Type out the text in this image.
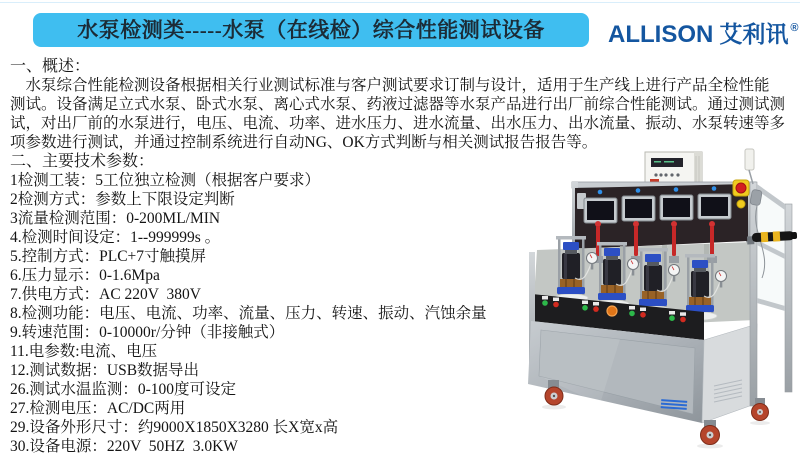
水泵检测类-----水泵（在线检）综合性能测试设备	ALLISON 艾利讯 ®
一、概述：
水泵综合性能检测设备根据相关行业测试标准与客户测试要求订制与设计，适用于生产线上进行产品全检性能
测试。设备满足立式水泵、卧式水泵、离心式水泵、药液过滤器等水泵产品进行出厂前综合性能测试。通过测试测
试，对出厂前的水泵进行，电压、电流、功率、进水压力、进水流量、出水压力、出水流量、振动、水泵转速等多
项参数进行测试，并通过控制系统进行自动NG、OK方式判断与相关测试报告报告等。
二、主要技术参数：
1检测工装：5工位独立检测（根据客户要求）
2检测方式：参数上下限设定判断
3流量检测范围：0-200ML/MIN
4.检测时间设定：1--999999s 。
5.控制方式：PLC+7寸触摸屏
6.压力显示：0-1.6Mpa
7.供电方式：AC 220V  380V
8.检测功能：电压、电流、功率、流量、压力、转速、振动、汽蚀余量
9.转速范围：0-10000r/分钟（非接触式）
11.电参数:电流、电压
12.测试数据：USB数据导出
26.测试水温监测：0-100度可设定
27.检测电压：AC/DC两用
29.设备外形尺寸：约9000X1850X3280 长X宽x高
30.设备电源：220V  50HZ  3.0KW
